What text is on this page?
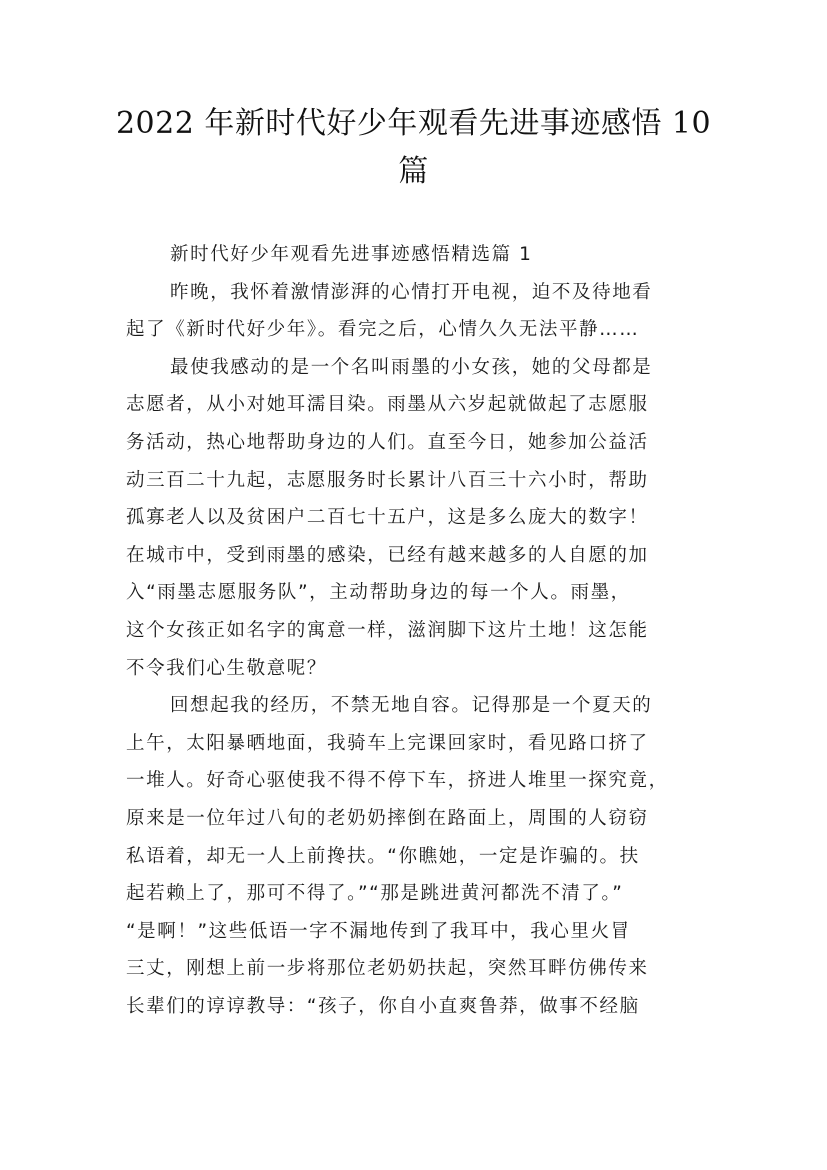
2022 年新时代好少年观看先进事迹感悟 10
篇
新时代好少年观看先进事迹感悟精选篇 1
昨晚，我怀着激情澎湃的心情打开电视，迫不及待地看
起了《新时代好少年》。看完之后，心情久久无法平静……
最使我感动的是一个名叫雨墨的小女孩，她的父母都是
志愿者，从小对她耳濡目染。雨墨从六岁起就做起了志愿服
务活动，热心地帮助身边的人们。直至今日，她参加公益活
动三百二十九起，志愿服务时长累计八百三十六小时，帮助
孤寡老人以及贫困户二百七十五户，这是多么庞大的数字！
在城市中，受到雨墨的感染，已经有越来越多的人自愿的加
入“雨墨志愿服务队”，主动帮助身边的每一个人。雨墨，
这个女孩正如名字的寓意一样，滋润脚下这片土地！这怎能
不令我们心生敬意呢？
回想起我的经历，不禁无地自容。记得那是一个夏天的
上午，太阳暴晒地面，我骑车上完课回家时，看见路口挤了
一堆人。好奇心驱使我不得不停下车，挤进人堆里一探究竟，
原来是一位年过八旬的老奶奶摔倒在路面上，周围的人窃窃
私语着，却无一人上前搀扶。“你瞧她，一定是诈骗的。扶
起若赖上了，那可不得了。”“那是跳进黄河都洗不清了。”
“是啊！”这些低语一字不漏地传到了我耳中，我心里火冒
三丈，刚想上前一步将那位老奶奶扶起，突然耳畔仿佛传来
长辈们的谆谆教导：“孩子，你自小直爽鲁莽，做事不经脑
